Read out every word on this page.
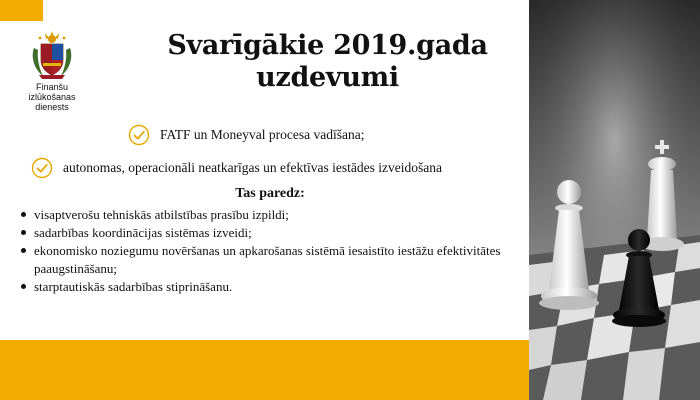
Finanšu izlūkošanas
dienests
Svarīgākie 2019.gada
uzdevumi
FATF un Moneyval procesa vadīšana;
autonomas, operacionāli neatkarīgas un efektīvas iestādes izveidošana
Tas paredz:
visaptverošu tehniskās atbilstības prasību izpildi;
sadarbības koordinācijas sistēmas izveidi;
ekonomisko noziegumu novēršanas un apkarošanas sistēmā iesaistīto iestāžu efektivitātes paaugstināšanu;
starptautiskās sadarbības stiprināšanu.
